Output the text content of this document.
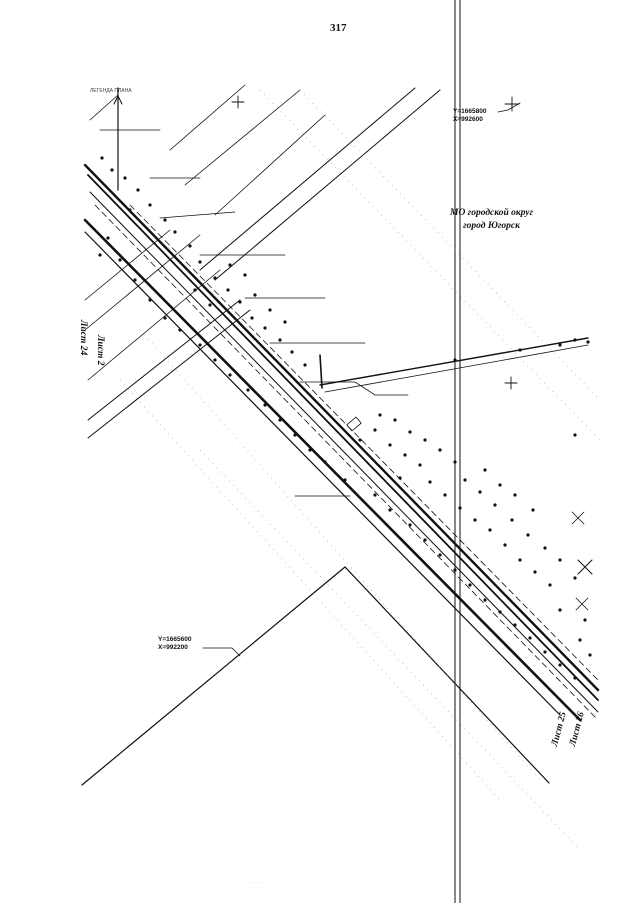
317
ЛЕГЕНДА ПЛАНА
Y=1665800
X=992600
Y=1665600
X=992200
МО городской округ
город Югорск
Лист 2
Лист 24
Лист 26
Лист 25
· · · · · ·
